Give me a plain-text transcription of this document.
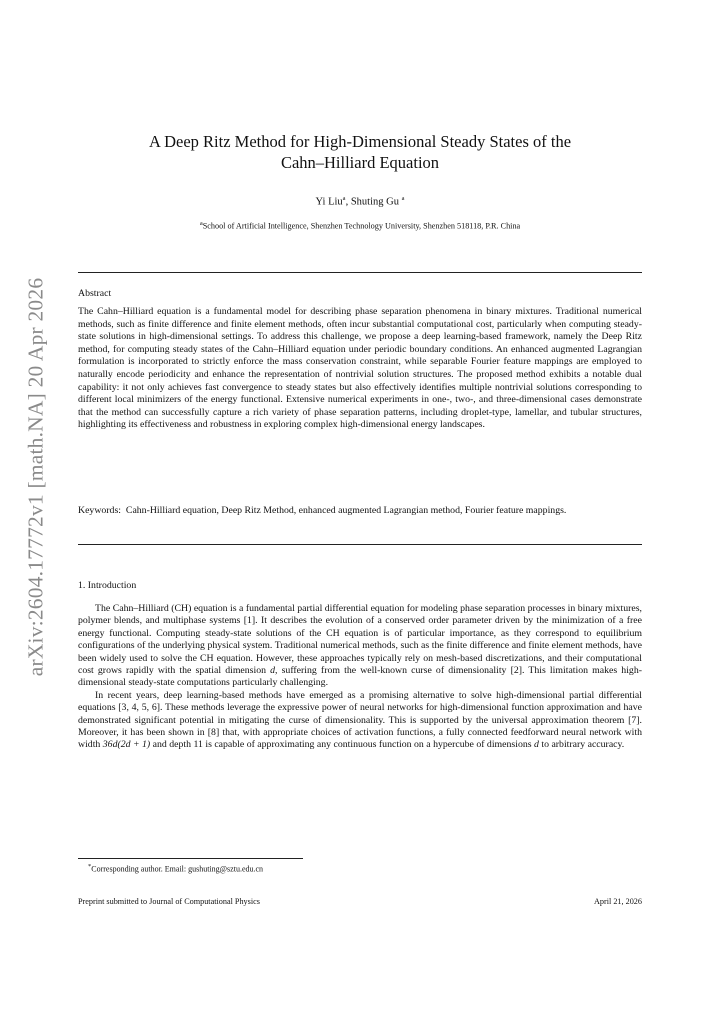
arXiv:2604.17772v1 [math.NA] 20 Apr 2026
A Deep Ritz Method for High-Dimensional Steady States of the
Cahn–Hilliard Equation
Yi Liu$^a$, Shuting Gu $^a$
$^a$School of Artificial Intelligence, Shenzhen Technology University, Shenzhen 518118, P.R. China
Abstract

The Cahn–Hilliard equation is a fundamental model for describing phase separation phenomena in binary mixtures. Traditional numerical methods, such as finite difference and finite element methods, often incur substantial computational cost, particularly when computing steady-state solutions in high-dimensional settings. To address this challenge, we propose a deep learning-based framework, namely the Deep Ritz method, for computing steady states of the Cahn–Hilliard equation under periodic boundary conditions. An enhanced augmented Lagrangian formulation is incorporated to strictly enforce the mass conservation constraint, while separable Fourier feature mappings are employed to naturally encode periodicity and enhance the representation of nontrivial solution structures. The proposed method exhibits a notable dual capability: it not only achieves fast convergence to steady states but also effectively identifies multiple nontrivial solutions corresponding to different local minimizers of the energy functional. Extensive numerical experiments in one-, two-, and three-dimensional cases demonstrate that the method can successfully capture a rich variety of phase separation patterns, including droplet-type, lamellar, and tubular structures, highlighting its effectiveness and robustness in exploring complex high-dimensional energy landscapes.

Keywords: Cahn-Hilliard equation, Deep Ritz Method, enhanced augmented Lagrangian method, Fourier feature mappings.

1. Introduction

The Cahn–Hilliard (CH) equation is a fundamental partial differential equation for modeling phase separation processes in binary mixtures, polymer blends, and multiphase systems [1]. It describes the evolution of a conserved order parameter driven by the minimization of a free energy functional. Computing steady-state solutions of the CH equation is of particular importance, as they correspond to equilibrium configurations of the underlying physical system. Traditional numerical methods, such as the finite difference and finite element methods, have been widely used to solve the CH equation. However, these approaches typically rely on mesh-based discretizations, and their computational cost grows rapidly with the spatial dimension d, suffering from the well-known curse of dimensionality [2]. This limitation makes high-dimensional steady-state computations particularly challenging.

In recent years, deep learning-based methods have emerged as a promising alternative to solve high-dimensional partial differential equations [3, 4, 5, 6]. These methods leverage the expressive power of neural networks for high-dimensional function approximation and have demonstrated significant potential in mitigating the curse of dimensionality. This is supported by the universal approximation theorem [7]. Moreover, it has been shown in [8] that, with appropriate choices of activation functions, a fully connected feedforward neural network with width 36d(2d + 1) and depth 11 is capable of approximating any continuous function on a hypercube of dimensions d to arbitrary accuracy.

*Corresponding author. Email: gushuting@sztu.edu.cn
Preprint submitted to Journal of Computational Physics	April 21, 2026
